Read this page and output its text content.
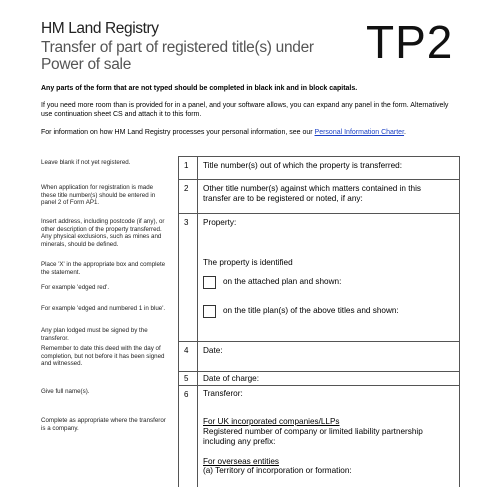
HM Land Registry
Transfer of part of registered title(s) under
Power of sale	TP2
Any parts of the form that are not typed should be completed in black ink and in block capitals.
If you need more room than is provided for in a panel, and your software allows, you can expand any panel in the form. Alternatively use continuation sheet CS and attach it to this form.
For information on how HM Land Registry processes your personal information, see our Personal Information Charter.
Leave blank if not yet registered.
When application for registration is made these title number(s) should be entered in panel 2 of Form AP1.
Insert address, including postcode (if any), or other description of the property transferred. Any physical exclusions, such as mines and minerals, should be defined.
Place 'X' in the appropriate box and complete the statement.
For example 'edged red'.
For example 'edged and numbered 1 in blue'.
Any plan lodged must be signed by the transferor.
Remember to date this deed with the day of completion, but not before it has been signed and witnessed.
Give full name(s).
Complete as appropriate where the transferor is a company.
1 Title number(s) out of which the property is transferred:
2 Other title number(s) against which matters contained in this transfer are to be registered or noted, if any:
3 Property:
The property is identified
on the attached plan and shown:
on the title plan(s) of the above titles and shown:
4 Date:
5 Date of charge:
6 Transferor:
For UK incorporated companies/LLPs
Registered number of company or limited liability partnership including any prefix:
For overseas entities
(a) Territory of incorporation or formation:
